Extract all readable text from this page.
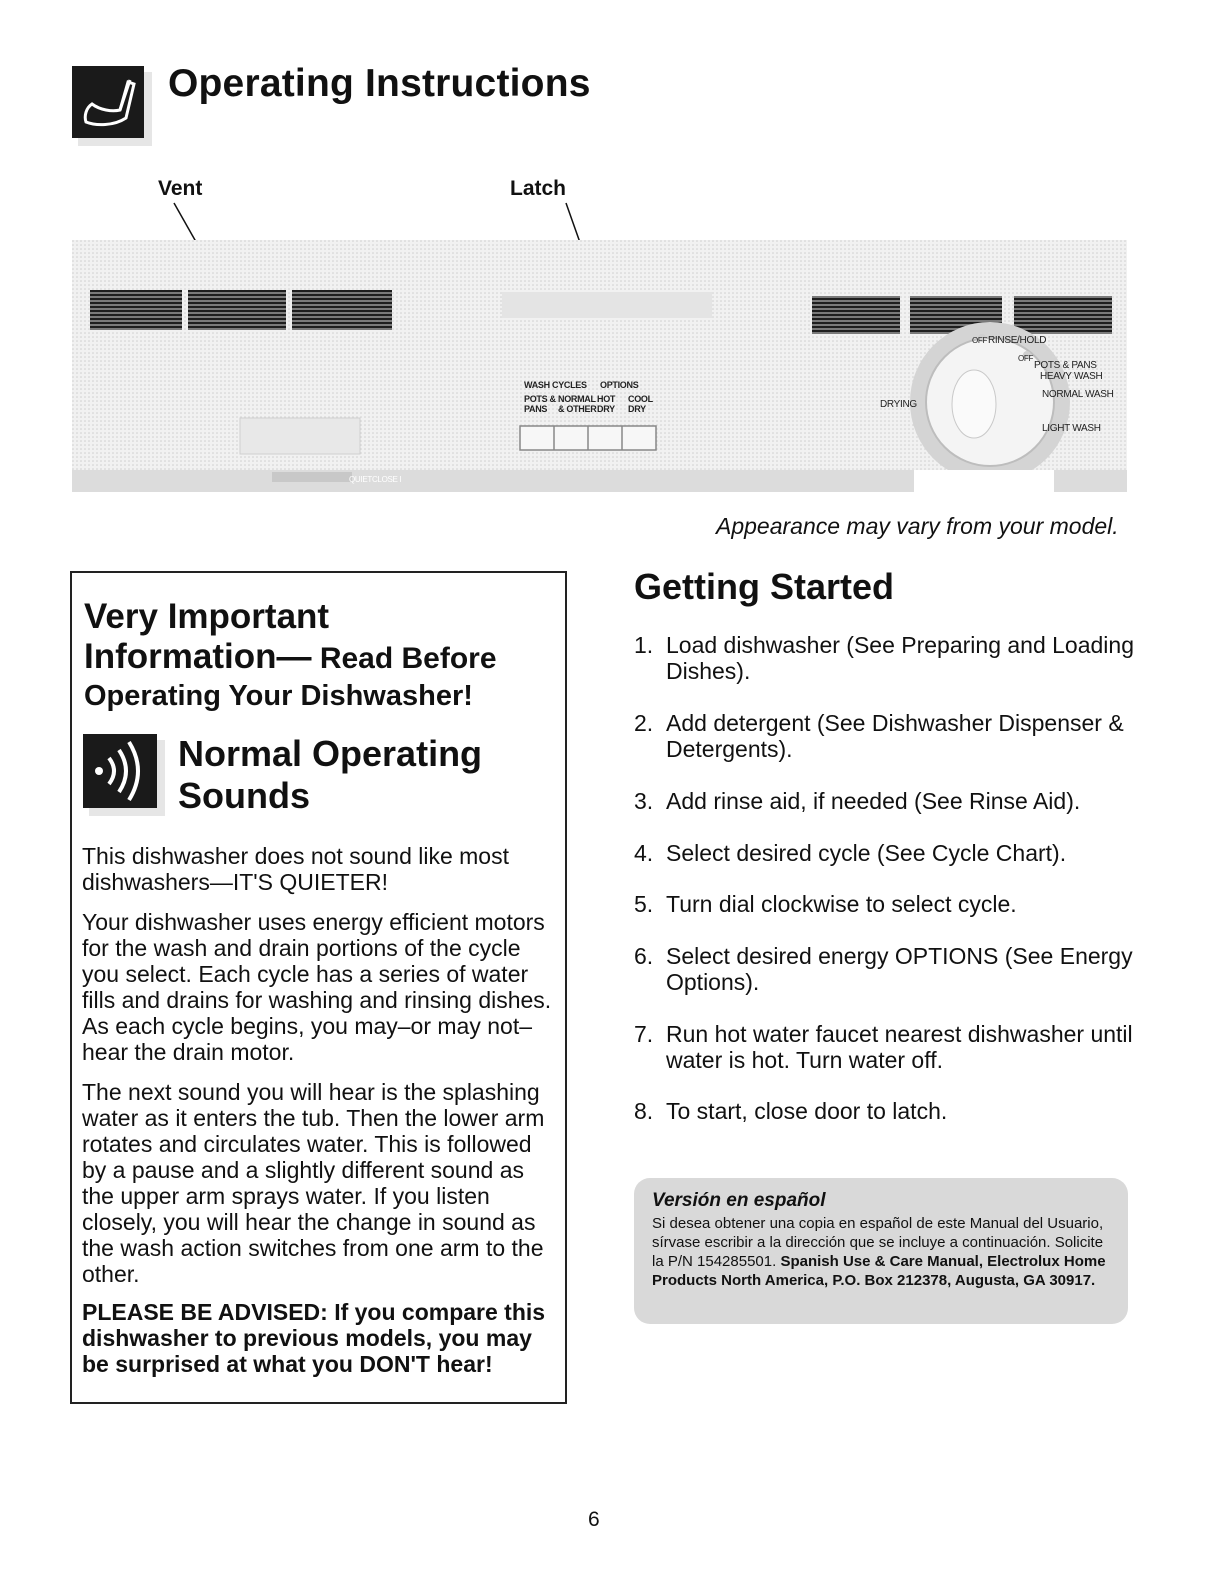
Operating Instructions
Vent	Latch
QUIETCLOSE I
WASH CYCLES OPTIONS
POTS &
PANS
NORMAL
& OTHER
HOT
DRY
COOL
DRY
OFF RINSE/HOLD
OFF
POTS & PANS
HEAVY WASH
NORMAL WASH
LIGHT WASH
DRYING
Appearance may vary from your model.
Very Important
Information— Read Before
Operating Your Dishwasher!
Normal Operating Sounds
This dishwasher does not sound like most dishwashers—IT'S QUIETER!
Your dishwasher uses energy efficient motors for the wash and drain portions of the cycle you select. Each cycle has a series of water fills and drains for washing and rinsing dishes. As each cycle begins, you may–or may not–hear the drain motor.
The next sound you will hear is the splashing water as it enters the tub. Then the lower arm rotates and circulates water. This is followed by a pause and a slightly different sound as the upper arm sprays water. If you listen closely, you will hear the change in sound as the wash action switches from one arm to the other.
PLEASE BE ADVISED: If you compare this dishwasher to previous models, you may be surprised at what you DON'T hear!
Getting Started
1. Load dishwasher (See Preparing and Loading Dishes).
2. Add detergent (See Dishwasher Dispenser & Detergents).
3. Add rinse aid, if needed (See Rinse Aid).
4. Select desired cycle (See Cycle Chart).
5. Turn dial clockwise to select cycle.
6. Select desired energy OPTIONS (See Energy Options).
7. Run hot water faucet nearest dishwasher until water is hot. Turn water off.
8. To start, close door to latch.
Versión en español
Si desea obtener una copia en español de este Manual del Usuario, sírvase escribir a la dirección que se incluye a continuación. Solicite la P/N 154285501. Spanish Use & Care Manual, Electrolux Home Products North America, P.O. Box 212378, Augusta, GA 30917.
6
